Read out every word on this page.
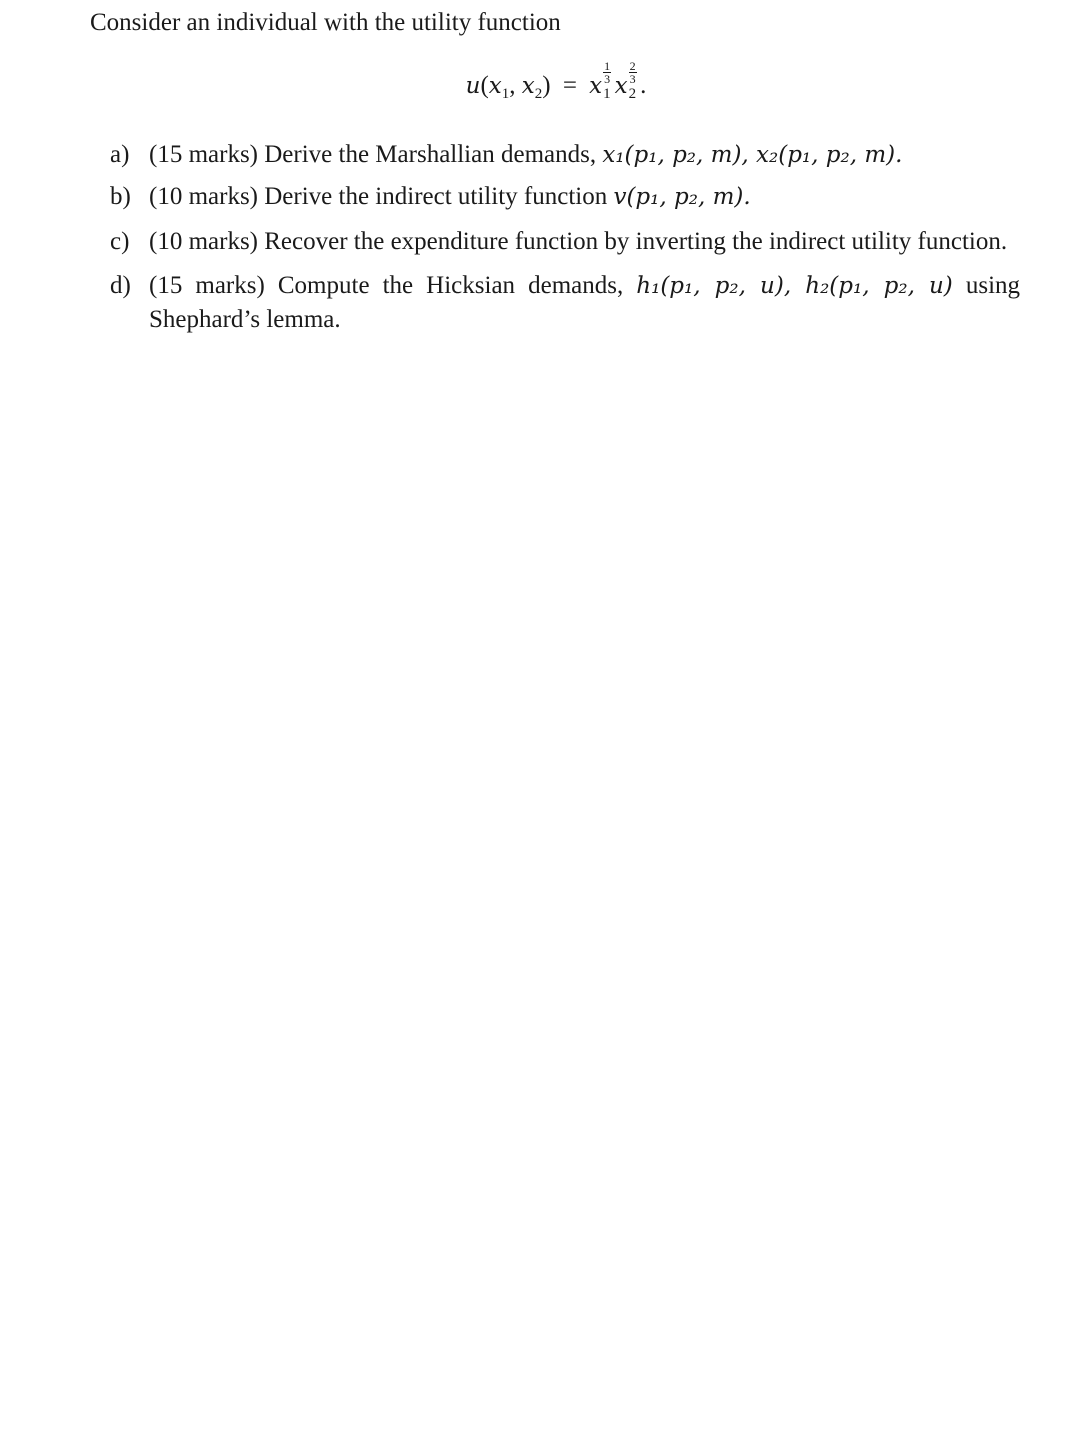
Consider an individual with the utility function
$u(x_1$, $x_2) = x$
$\frac{1}{3}$
$_1$ x
$\frac{2}{3}$
$_2$ .
a) (15 marks) Derive the Marshallian demands, x₁(p₁, p₂, m), x₂(p₁, p₂, m).
b) (10 marks) Derive the indirect utility function v(p₁, p₂, m).
c) (10 marks) Recover the expenditure function by inverting the indirect utility function.
d) (15 marks) Compute the Hicksian demands, h₁(p₁, p₂, u), h₂(p₁, p₂, u) using Shephard’s lemma.
